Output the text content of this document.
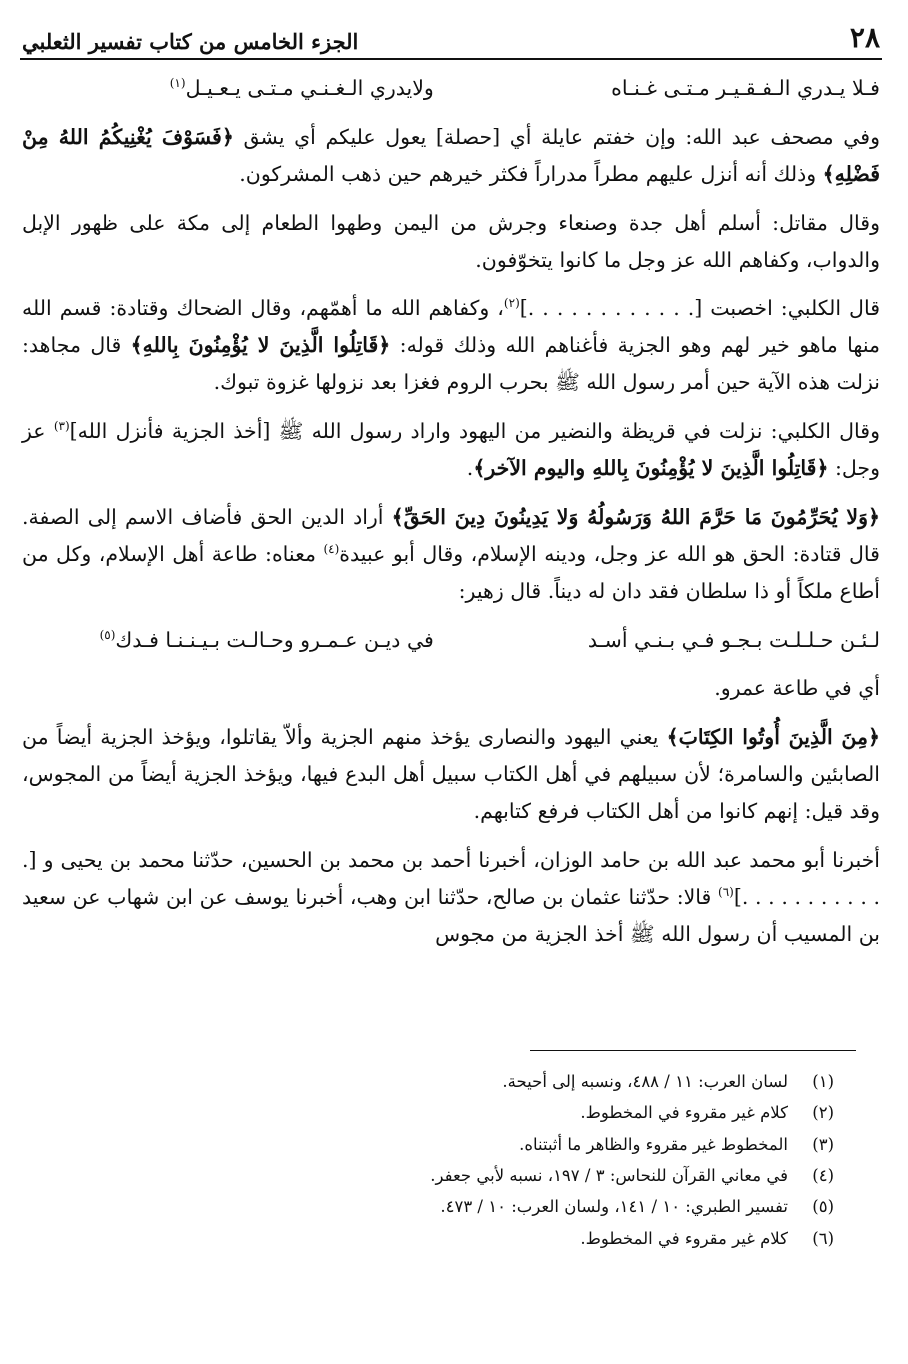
٢٨
الجزء الخامس من كتاب تفسير الثعلبي
فـلا يـدري الـفـقـيـر مـتـى غـنـاه
ولايدري الـغـنـي مـتـى يـعـيـل$^{(١)}$

وفي مصحف عبد الله: وإن خفتم عايلة أي [حصلة] يعول عليكم أي يشق ﴿فَسَوْفَ يُغْنِيكُمُ اللهُ مِنْ فَضْلِهِ﴾ وذلك أنه أنزل عليهم مطراً مدراراً فكثر خيرهم حين ذهب المشركون.

وقال مقاتل: أسلم أهل جدة وصنعاء وجرش من اليمن وطهوا الطعام إلى مكة على ظهور الإبل والدواب، وكفاهم الله عز وجل ما كانوا يتخوّفون.

قال الكلبي: اخصبت [. . . . . . . . . . . .]$^{(٢)}$، وكفاهم الله ما أهمّهم، وقال الضحاك وقتادة: قسم الله منها ماهو خير لهم وهو الجزية فأغناهم الله وذلك قوله: ﴿قَاتِلُوا الَّذِينَ لا يُؤْمِنُونَ بِاللهِ﴾ قال مجاهد: نزلت هذه الآية حين أمر رسول الله ﷺ بحرب الروم فغزا بعد نزولها غزوة تبوك.

وقال الكلبي: نزلت في قريظة والنضير من اليهود واراد رسول الله ﷺ [أخذ الجزية فأنزل الله]$^{(٣)}$ عز وجل: ﴿قَاتِلُوا الَّذِينَ لا يُؤْمِنُونَ بِاللهِ واليوم الآخر﴾.

﴿وَلا يُحَرِّمُونَ مَا حَرَّمَ اللهُ وَرَسُولُهُ وَلا يَدِينُونَ دِينَ الحَقِّ﴾ أراد الدين الحق فأضاف الاسم إلى الصفة. قال قتادة: الحق هو الله عز وجل، ودينه الإسلام، وقال أبو عبيدة$^{(٤)}$ معناه: طاعة أهل الإسلام، وكل من أطاع ملكاً أو ذا سلطان فقد دان له ديناً. قال زهير:

لـئـن حـلـلـت بـجـو فـي بـنـي أسـد
في ديـن عـمـرو وحـالـت بـيـنـنـا فـدك$^{(٥)}$

أي في طاعة عمرو.

﴿مِنَ الَّذِينَ أُوتُوا الكِتَابَ﴾ يعني اليهود والنصارى يؤخذ منهم الجزية وألاّ يقاتلوا، ويؤخذ الجزية أيضاً من الصابئين والسامرة؛ لأن سبيلهم في أهل الكتاب سبيل أهل البدع فيها، ويؤخذ الجزية أيضاً من المجوس، وقد قيل: إنهم كانوا من أهل الكتاب فرفع كتابهم.

أخبرنا أبو محمد عبد الله بن حامد الوزان، أخبرنا أحمد بن محمد بن الحسين، حدّثنا محمد بن يحيى و [. . . . . . . . . . . .]$^{(٦)}$ قالا: حدّثنا عثمان بن صالح، حدّثنا ابن وهب، أخبرنا يوسف عن ابن شهاب عن سعيد بن المسيب أن رسول الله ﷺ أخذ الجزية من مجوس

(١)
لسان العرب: ١١ / ٤٨٨، ونسبه إلى أحيحة.
(٢)
كلام غير مقروء في المخطوط.
(٣)
المخطوط غير مقروء والظاهر ما أثبتناه.
(٤)
في معاني القرآن للنحاس: ٣ / ١٩٧، نسبه لأبي جعفر.
(٥)
تفسير الطبري: ١٠ / ١٤١، ولسان العرب: ١٠ / ٤٧٣.
(٦)
كلام غير مقروء في المخطوط.
